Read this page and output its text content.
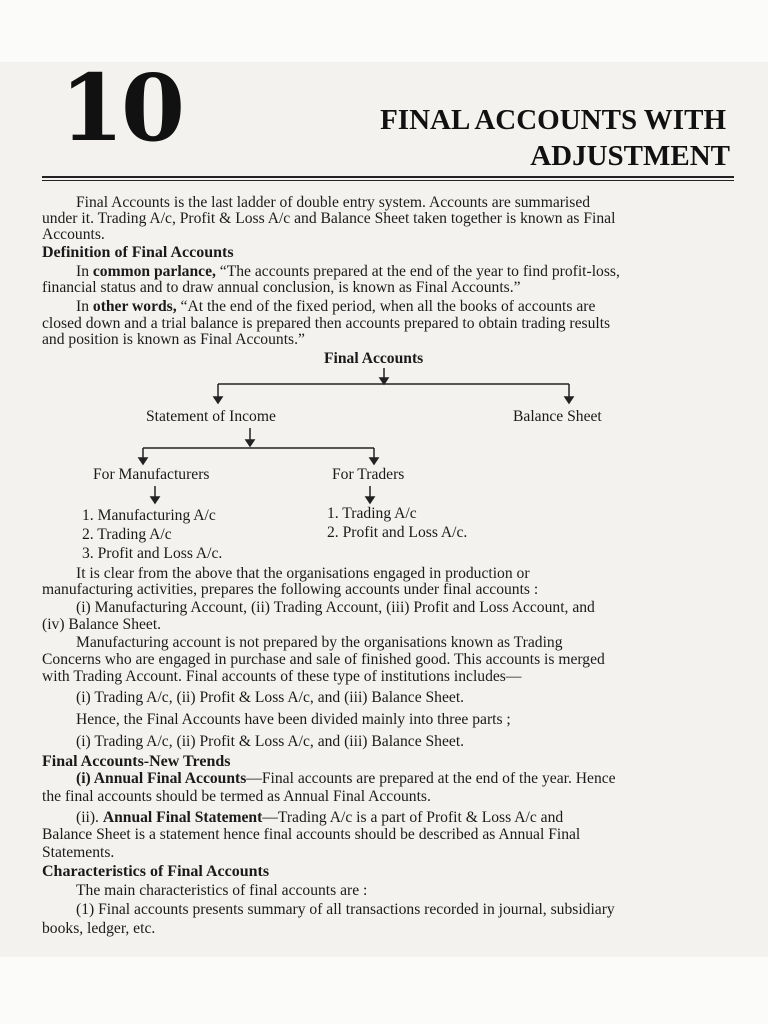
10	FINAL ACCOUNTS WITH
ADJUSTMENT
Final Accounts is the last ladder of double entry system. Accounts are summarised
under it. Trading A/c, Profit & Loss A/c and Balance Sheet taken together is known as Final
Accounts.
Definition of Final Accounts
In common parlance, “The accounts prepared at the end of the year to find profit-loss,
financial status and to draw annual conclusion, is known as Final Accounts.”
In other words, “At the end of the fixed period, when all the books of accounts are
closed down and a trial balance is prepared then accounts prepared to obtain trading results
and position is known as Final Accounts.”
Final Accounts
Statement of Income	Balance Sheet
For Manufacturers	For Traders
1. Manufacturing A/c
2. Trading A/c
3. Profit and Loss A/c.
1. Trading A/c
2. Profit and Loss A/c.
It is clear from the above that the organisations engaged in production or
manufacturing activities, prepares the following accounts under final accounts :
(i) Manufacturing Account, (ii) Trading Account, (iii) Profit and Loss Account, and
(iv) Balance Sheet.
Manufacturing account is not prepared by the organisations known as Trading
Concerns who are engaged in purchase and sale of finished good. This accounts is merged
with Trading Account. Final accounts of these type of institutions includes—
(i) Trading A/c, (ii) Profit & Loss A/c, and (iii) Balance Sheet.
Hence, the Final Accounts have been divided mainly into three parts ;
(i) Trading A/c, (ii) Profit & Loss A/c, and (iii) Balance Sheet.
Final Accounts-New Trends
(i) Annual Final Accounts—Final accounts are prepared at the end of the year. Hence
the final accounts should be termed as Annual Final Accounts.
(ii). Annual Final Statement—Trading A/c is a part of Profit & Loss A/c and
Balance Sheet is a statement hence final accounts should be described as Annual Final
Statements.
Characteristics of Final Accounts
The main characteristics of final accounts are :
(1) Final accounts presents summary of all transactions recorded in journal, subsidiary
books, ledger, etc.
